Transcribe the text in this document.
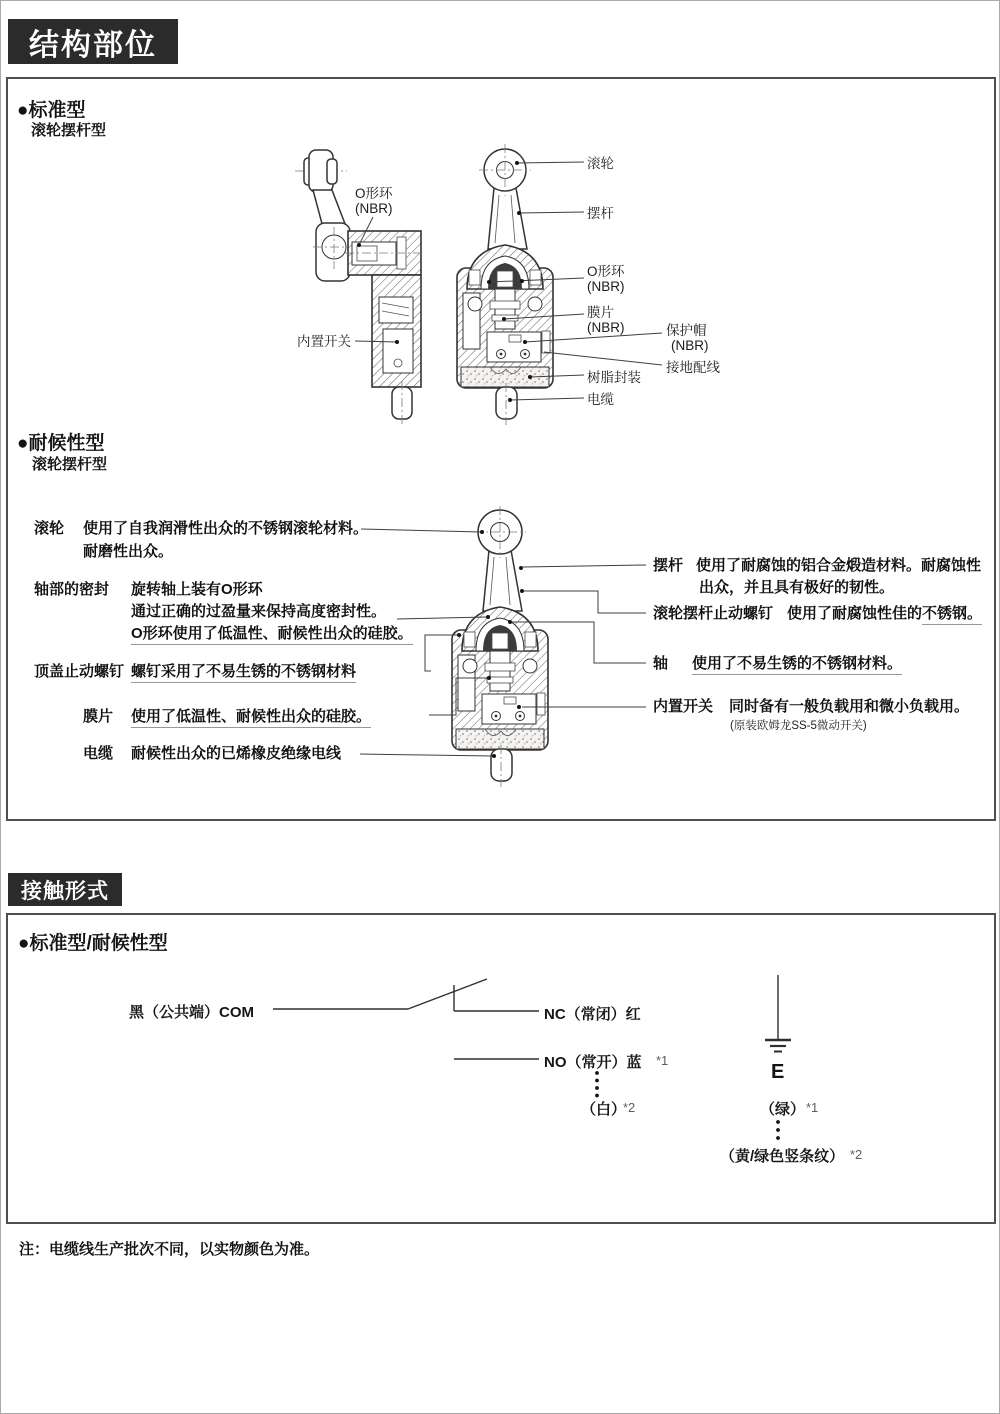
结构部位
●标准型
滚轮摆杆型
O形环
(NBR)
滚轮
摆杆
O形环
(NBR)
膜片
(NBR)	保护帽
(NBR)
接地配线
树脂封装
电缆
内置开关
●耐候性型
滚轮摆杆型
滚轮 使用了自我润滑性出众的不锈钢滚轮材料。
耐磨性出众。
轴部的密封 旋转轴上装有O形环
通过正确的过盈量来保持高度密封性。
O形环使用了低温性、耐候性出众的硅胶。
顶盖止动螺钉 螺钉采用了不易生锈的不锈钢材料
膜片 使用了低温性、耐候性出众的硅胶。
电缆 耐候性出众的已烯橡皮绝缘电线
摆杆 使用了耐腐蚀的铝合金煅造材料。耐腐蚀性
出众，并且具有极好的韧性。
滚轮摆杆止动螺钉 使用了耐腐蚀性佳的不锈钢。
轴 使用了不易生锈的不锈钢材料。
内置开关 同时备有一般负载用和微小负载用。
(原装欧姆龙SS-5微动开关)
接触形式
●标准型/耐候性型
黑（公共端）COM	NC（常闭）红
NO（常开）蓝 *1
（白）
*2
E
（绿） *1
（黄/绿色竖条纹） *2
注：电缆线生产批次不同，以实物颜色为准。
